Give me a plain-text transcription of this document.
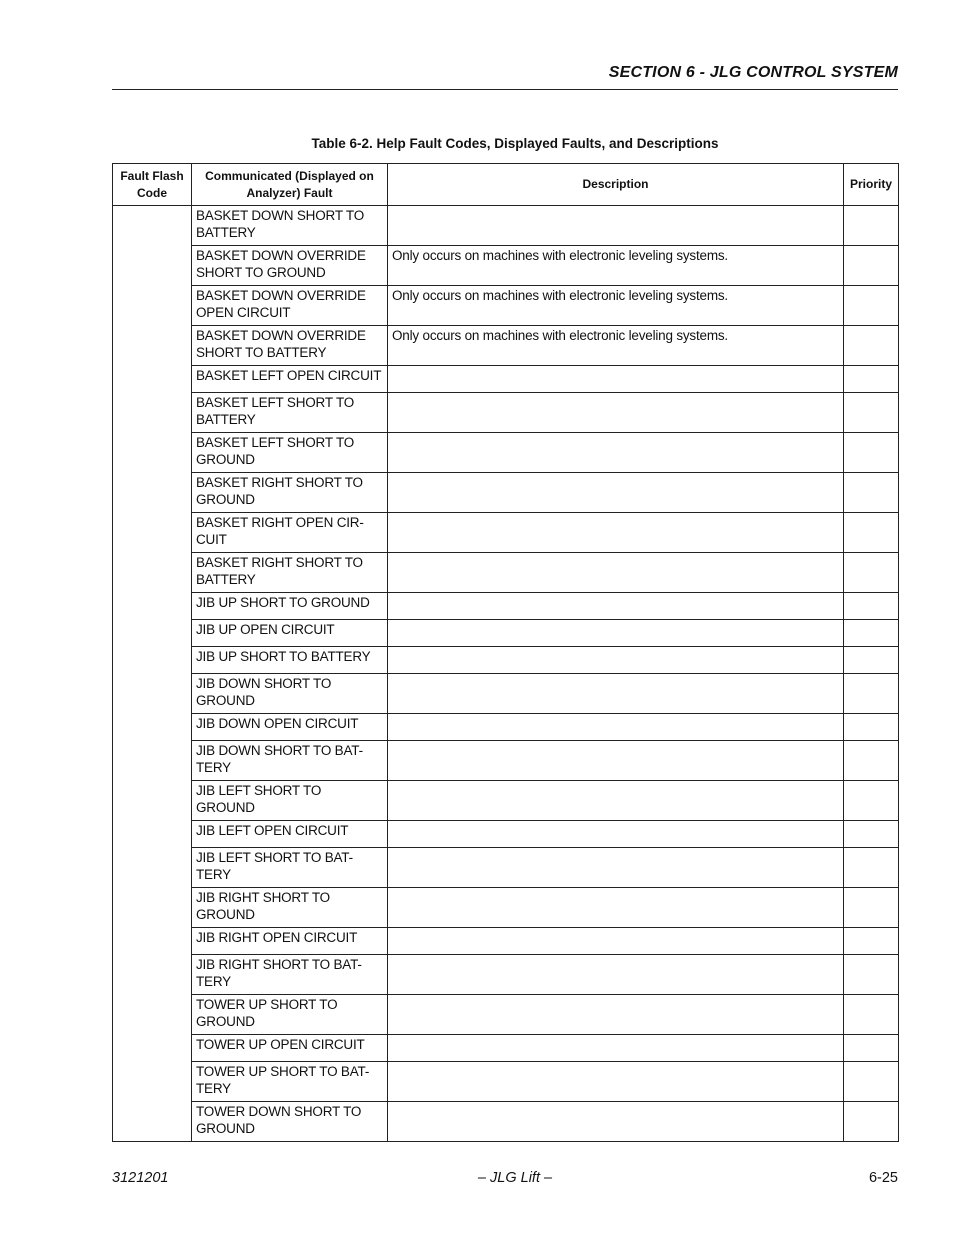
SECTION 6 - JLG CONTROL SYSTEM
Table 6-2. Help Fault Codes, Displayed Faults, and Descriptions
Fault Flash Code	Communicated (Displayed on Analyzer) Fault	Description	Priority
	BASKET DOWN SHORT TO BATTERY		
	BASKET DOWN OVERRIDE SHORT TO GROUND	Only occurs on machines with electronic leveling systems.	
	BASKET DOWN OVERRIDE OPEN CIRCUIT	Only occurs on machines with electronic leveling systems.	
	BASKET DOWN OVERRIDE SHORT TO BATTERY	Only occurs on machines with electronic leveling systems.	
	BASKET LEFT OPEN CIRCUIT		
	BASKET LEFT SHORT TO BATTERY		
	BASKET LEFT SHORT TO GROUND		
	BASKET RIGHT SHORT TO GROUND		
	BASKET RIGHT OPEN CIR-CUIT		
	BASKET RIGHT SHORT TO BATTERY		
	JIB UP SHORT TO GROUND		
	JIB UP OPEN CIRCUIT		
	JIB UP SHORT TO BATTERY		
	JIB DOWN SHORT TO GROUND		
	JIB DOWN OPEN CIRCUIT		
	JIB DOWN SHORT TO BAT-TERY		
	JIB LEFT SHORT TO GROUND		
	JIB LEFT OPEN CIRCUIT		
	JIB LEFT SHORT TO BAT-TERY		
	JIB RIGHT SHORT TO GROUND		
	JIB RIGHT OPEN CIRCUIT		
	JIB RIGHT SHORT TO BAT-TERY		
	TOWER UP SHORT TO GROUND		
	TOWER UP OPEN CIRCUIT		
	TOWER UP SHORT TO BAT-TERY		
	TOWER DOWN SHORT TO GROUND		
3121201	– JLG Lift –	6-25
